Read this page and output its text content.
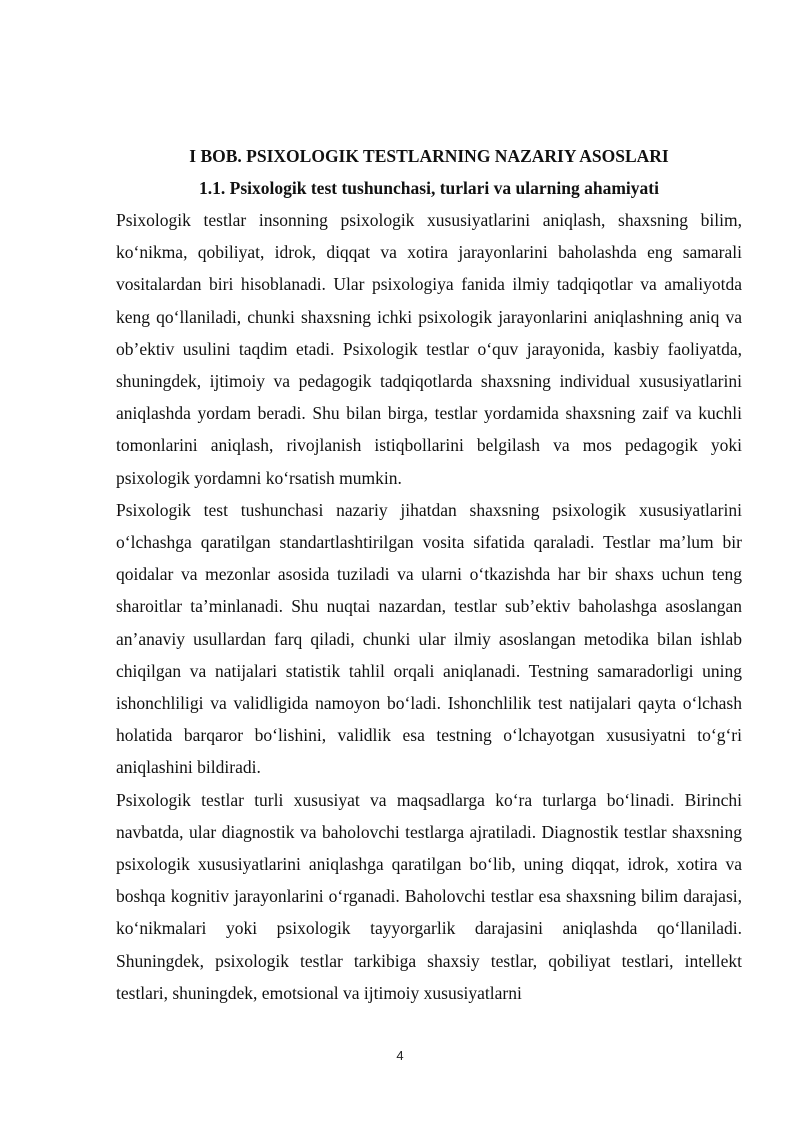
I BOB. PSIXOLOGIK TESTLARNING NAZARIY ASOSLARI
1.1. Psixologik test tushunchasi, turlari va ularning ahamiyati

Psixologik testlar insonning psixologik xususiyatlarini aniqlash, shaxsning bilim, ko‘nikma, qobiliyat, idrok, diqqat va xotira jarayonlarini baholashda eng samarali vositalardan biri hisoblanadi. Ular psixologiya fanida ilmiy tadqiqotlar va amaliyotda keng qo‘llaniladi, chunki shaxsning ichki psixologik jarayonlarini aniqlashning aniq va ob’ektiv usulini taqdim etadi. Psixologik testlar o‘quv jarayonida, kasbiy faoliyatda, shuningdek, ijtimoiy va pedagogik tadqiqotlarda shaxsning individual xususiyatlarini aniqlashda yordam beradi. Shu bilan birga, testlar yordamida shaxsning zaif va kuchli tomonlarini aniqlash, rivojlanish istiqbollarini belgilash va mos pedagogik yoki psixologik yordamni ko‘rsatish mumkin.

Psixologik test tushunchasi nazariy jihatdan shaxsning psixologik xususiyatlarini o‘lchashga qaratilgan standartlashtirilgan vosita sifatida qaraladi. Testlar ma’lum bir qoidalar va mezonlar asosida tuziladi va ularni o‘tkazishda har bir shaxs uchun teng sharoitlar ta’minlanadi. Shu nuqtai nazardan, testlar sub’ektiv baholashga asoslangan an’anaviy usullardan farq qiladi, chunki ular ilmiy asoslangan metodika bilan ishlab chiqilgan va natijalari statistik tahlil orqali aniqlanadi. Testning samaradorligi uning ishonchliligi va validligida namoyon bo‘ladi. Ishonchlilik test natijalari qayta o‘lchash holatida barqaror bo‘lishini, validlik esa testning o‘lchayotgan xususiyatni to‘g‘ri aniqlashini bildiradi.

Psixologik testlar turli xususiyat va maqsadlarga ko‘ra turlarga bo‘linadi. Birinchi navbatda, ular diagnostik va baholovchi testlarga ajratiladi. Diagnostik testlar shaxsning psixologik xususiyatlarini aniqlashga qaratilgan bo‘lib, uning diqqat, idrok, xotira va boshqa kognitiv jarayonlarini o‘rganadi. Baholovchi testlar esa shaxsning bilim darajasi, ko‘nikmalari yoki psixologik tayyorgarlik darajasini aniqlashda qo‘llaniladi. Shuningdek, psixologik testlar tarkibiga shaxsiy testlar, qobiliyat testlari, intellekt testlari, shuningdek, emotsional va ijtimoiy xususiyatlarni

4
